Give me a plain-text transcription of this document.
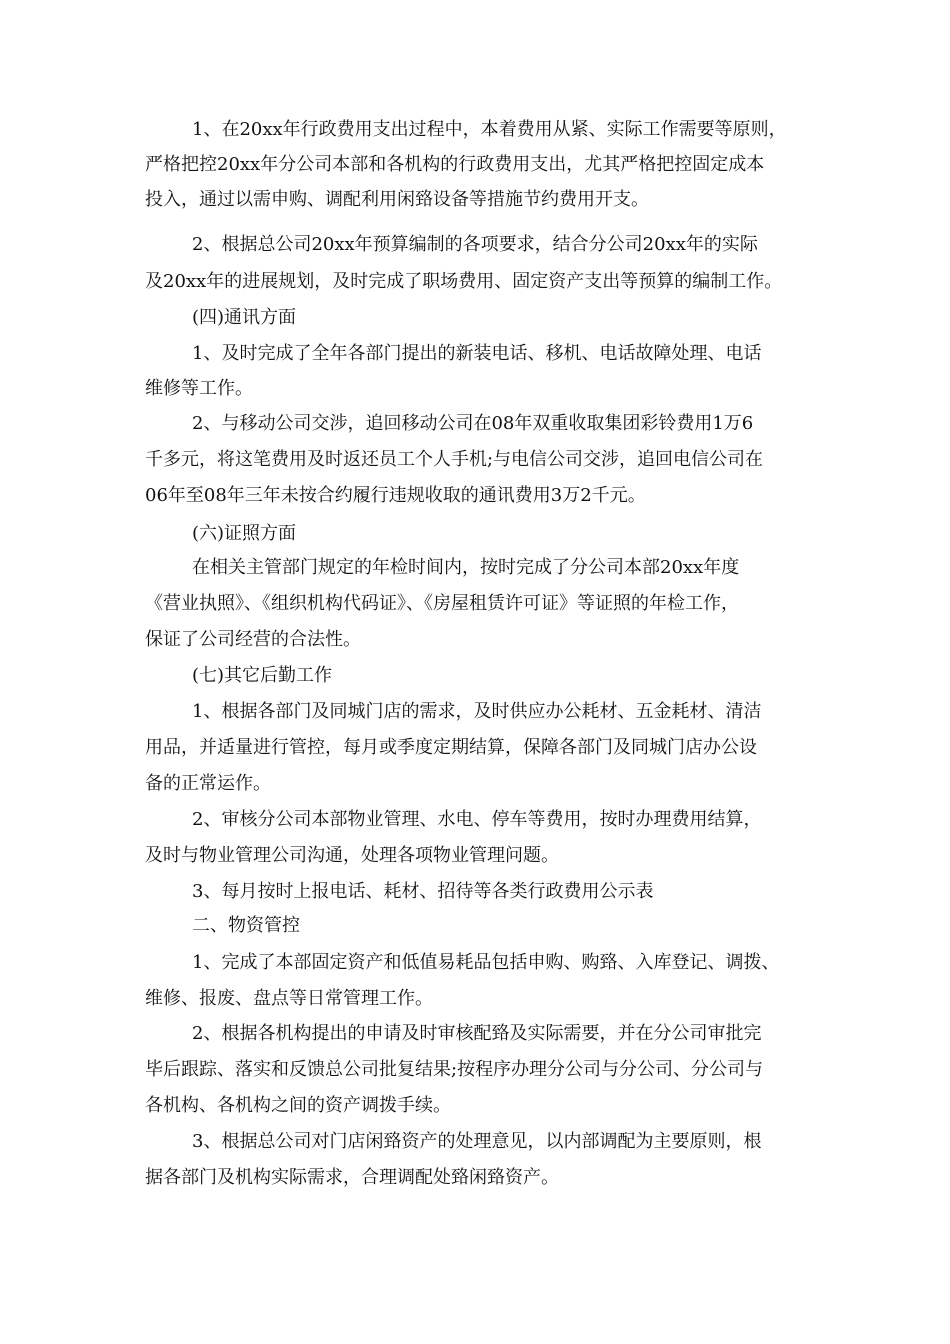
1、在20xx年行政费用支出过程中，本着费用从紧、实际工作需要等原则，
严格把控20xx年分公司本部和各机构的行政费用支出，尤其严格把控固定成本
投入，通过以需申购、调配利用闲臵设备等措施节约费用开支。
2、根据总公司20xx年预算编制的各项要求，结合分公司20xx年的实际
及20xx年的进展规划，及时完成了职场费用、固定资产支出等预算的编制工作。
(四)通讯方面
1、及时完成了全年各部门提出的新装电话、移机、电话故障处理、电话
维修等工作。
2、与移动公司交涉，追回移动公司在08年双重收取集团彩铃费用1万6
千多元，将这笔费用及时返还员工个人手机;与电信公司交涉，追回电信公司在
06年至08年三年未按合约履行违规收取的通讯费用3万2千元。
(六)证照方面
在相关主管部门规定的年检时间内，按时完成了分公司本部20xx年度
《营业执照》、《组织机构代码证》、《房屋租赁许可证》等证照的年检工作，
保证了公司经营的合法性。
(七)其它后勤工作
1、根据各部门及同城门店的需求，及时供应办公耗材、五金耗材、清洁
用品，并适量进行管控，每月或季度定期结算，保障各部门及同城门店办公设
备的正常运作。
2、审核分公司本部物业管理、水电、停车等费用，按时办理费用结算，
及时与物业管理公司沟通，处理各项物业管理问题。
3、每月按时上报电话、耗材、招待等各类行政费用公示表
二、物资管控
1、完成了本部固定资产和低值易耗品包括申购、购臵、入库登记、调拨、
维修、报废、盘点等日常管理工作。
2、根据各机构提出的申请及时审核配臵及实际需要，并在分公司审批完
毕后跟踪、落实和反馈总公司批复结果;按程序办理分公司与分公司、分公司与
各机构、各机构之间的资产调拨手续。
3、根据总公司对门店闲臵资产的处理意见，以内部调配为主要原则，根
据各部门及机构实际需求，合理调配处臵闲臵资产。
